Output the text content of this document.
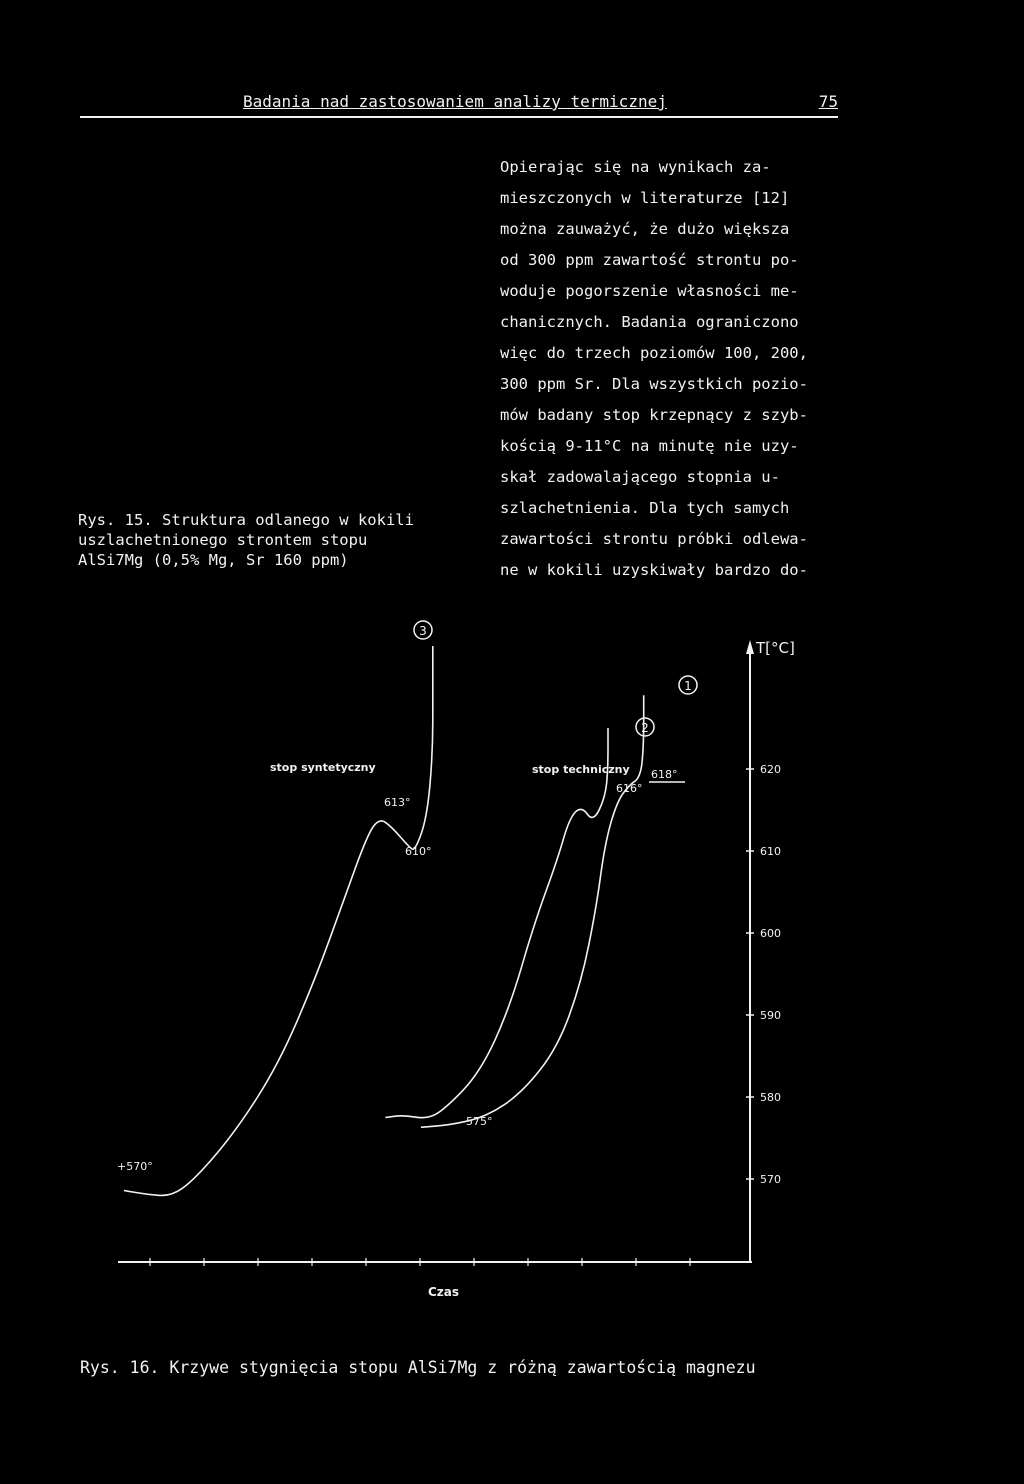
Badania nad zastosowaniem analizy termicznej	75
Rys. 15. Struktura odlanego w kokili
uszlachetnionego strontem stopu
AlSi7Mg (0,5% Mg, Sr 160 ppm)
Opierając się na wynikach za-
mieszczonych w literaturze [12]
można zauważyć, że dużo większa
od 300 ppm zawartość strontu po-
woduje pogorszenie własności me-
chanicznych. Badania ograniczono
więc do trzech poziomów 100, 200,
300 ppm Sr. Dla wszystkich pozio-
mów badany stop krzepnący z szyb-
kością 9-11°C na minutę nie uzy-
skał zadowalającego stopnia u-
szlachetnienia. Dla tych samych
zawartości strontu próbki odlewa-
ne w kokili uzyskiwały bardzo do-
T[°C]
Czas
620
610
600
590
580
570
3
2
1
stop syntetyczny
613°
610°
stop techniczny
616°
618°
575°
+570°
Rys. 16. Krzywe stygnięcia stopu AlSi7Mg z różną zawartością magnezu
